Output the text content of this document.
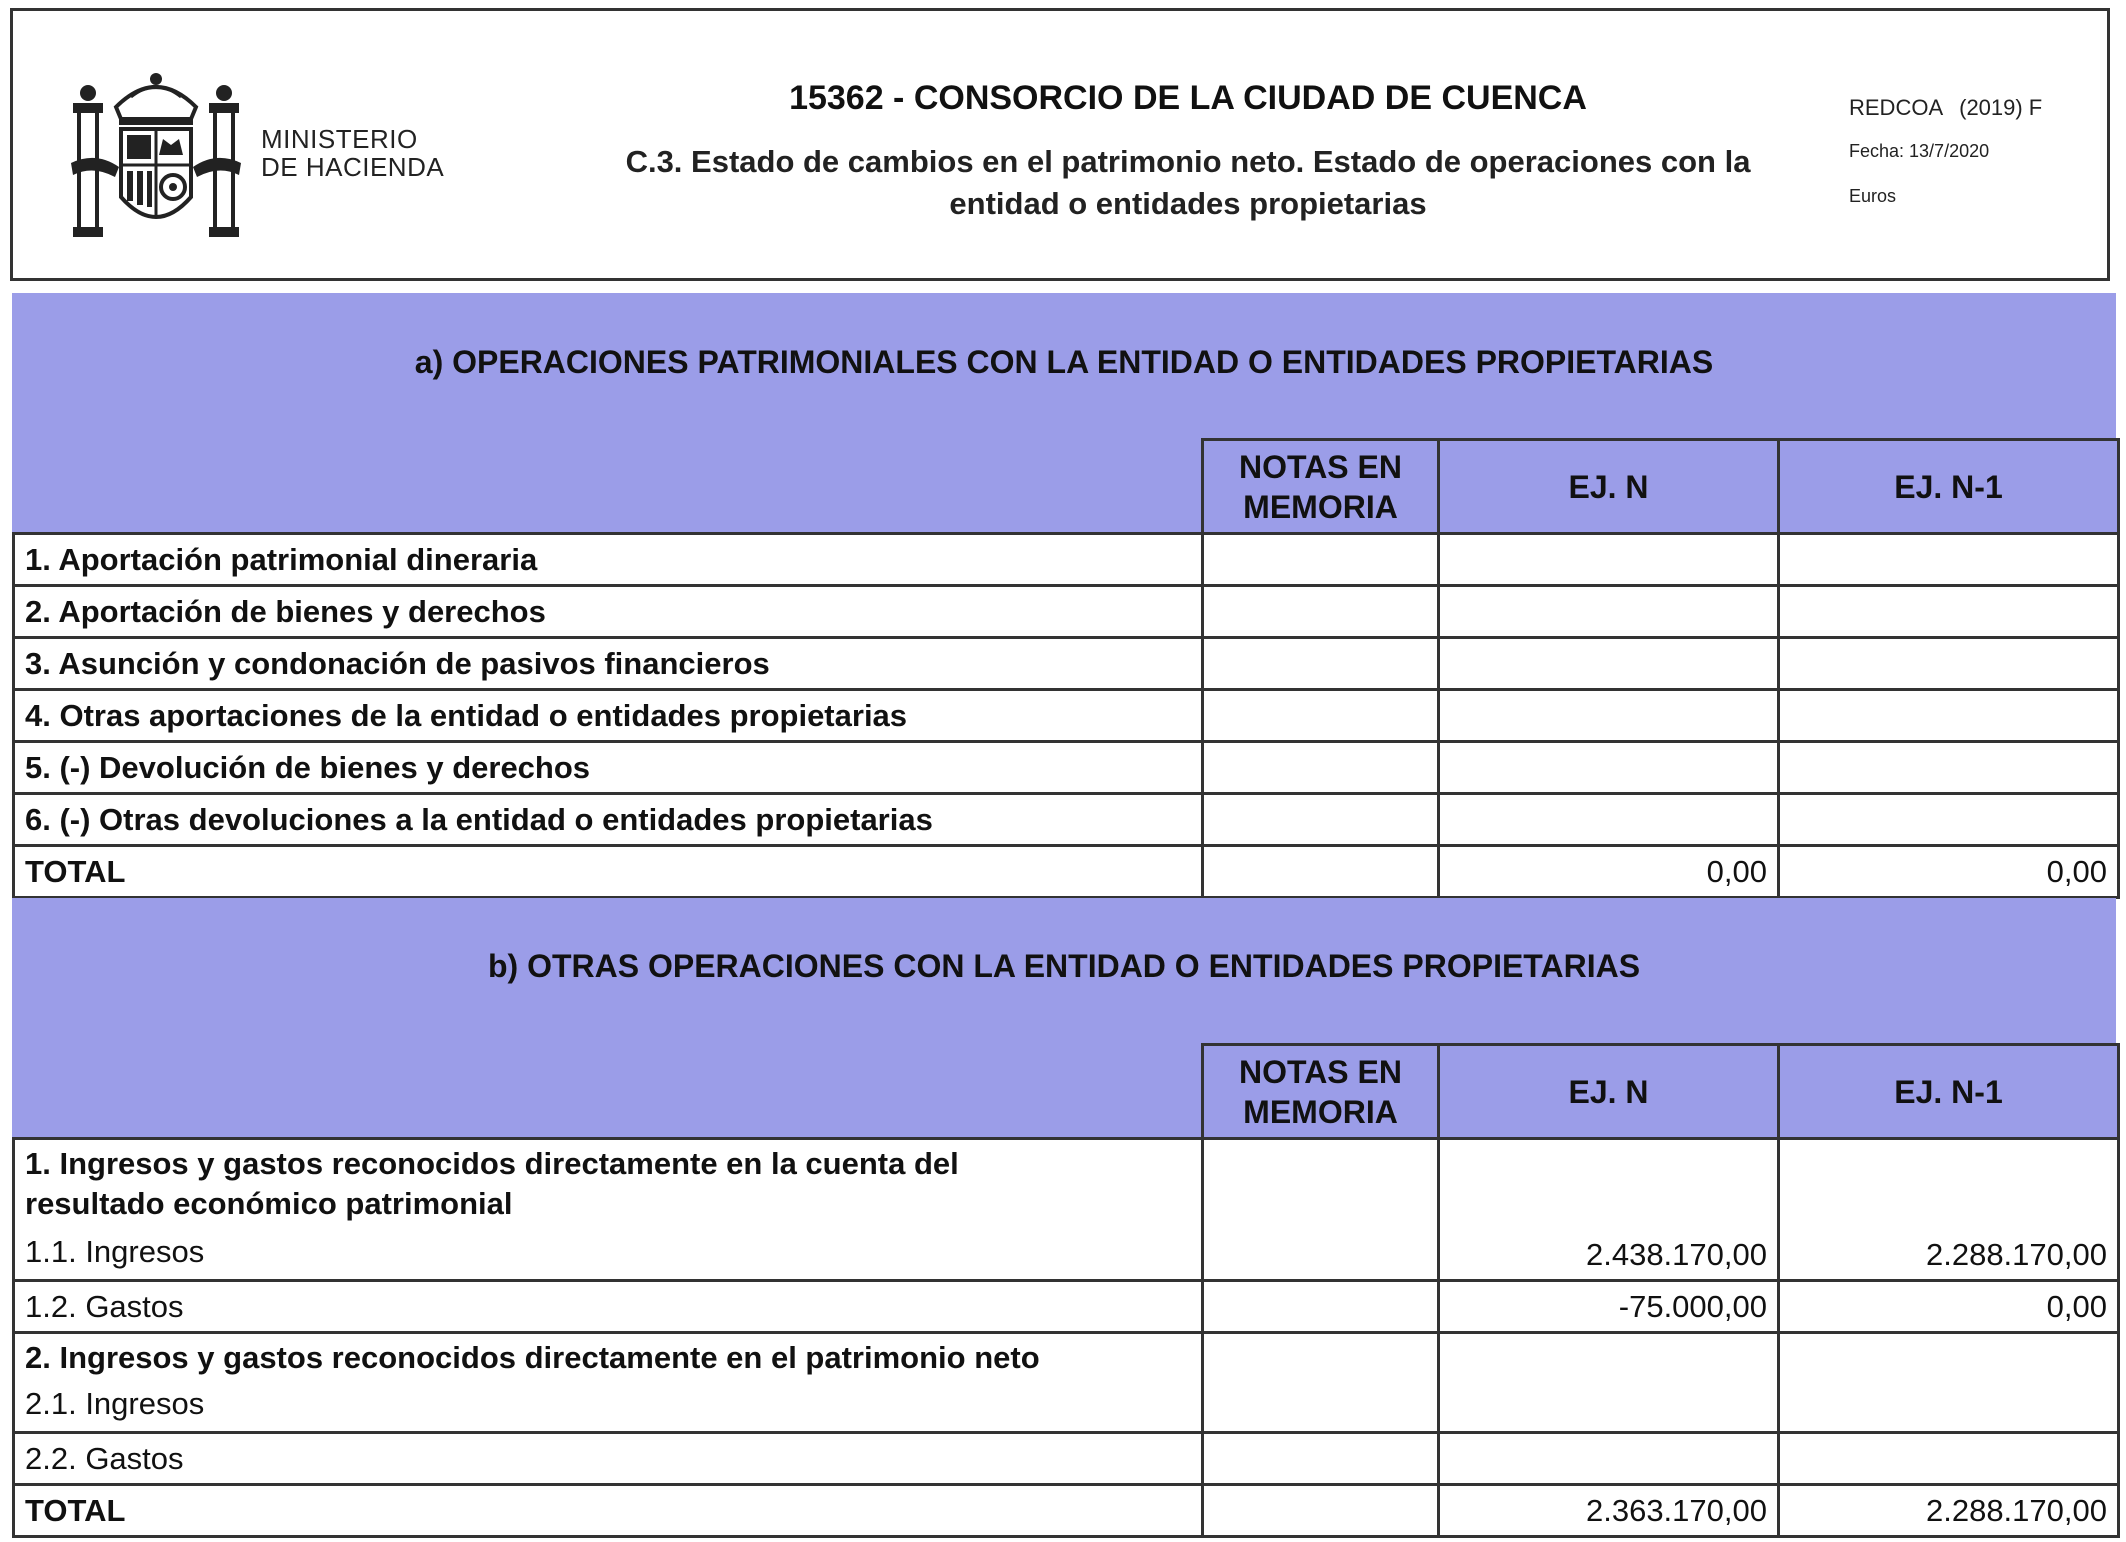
MINISTERIO
DE HACIENDA
15362 - CONSORCIO DE LA CIUDAD DE CUENCA
C.3. Estado de cambios en el patrimonio neto. Estado de operaciones con la
entidad o entidades propietarias
REDCOA (2019) F
Fecha: 13/7/2020
Euros
a) OPERACIONES PATRIMONIALES CON LA ENTIDAD O ENTIDADES PROPIETARIAS

	NOTAS EN
MEMORIA	EJ. N	EJ. N-1
1. Aportación patrimonial dineraria			
2. Aportación de bienes y derechos			
3. Asunción y condonación de pasivos financieros			
4. Otras aportaciones de la entidad o entidades propietarias			
5. (-) Devolución de bienes y derechos			
6. (-) Otras devoluciones a la entidad o entidades propietarias			
TOTAL		0,00	0,00
b) OTRAS OPERACIONES CON LA ENTIDAD O ENTIDADES PROPIETARIAS

	NOTAS EN
MEMORIA	EJ. N	EJ. N-1

1. Ingresos y gastos reconocidos directamente en la cuenta del
resultado económico patrimonial
1.1. Ingresos		2.438.170,00	2.288.170,00
1.2. Gastos		-75.000,00	0,00

2. Ingresos y gastos reconocidos directamente en el patrimonio neto
2.1. Ingresos			

2.2. Gastos			
TOTAL		2.363.170,00	2.288.170,00
